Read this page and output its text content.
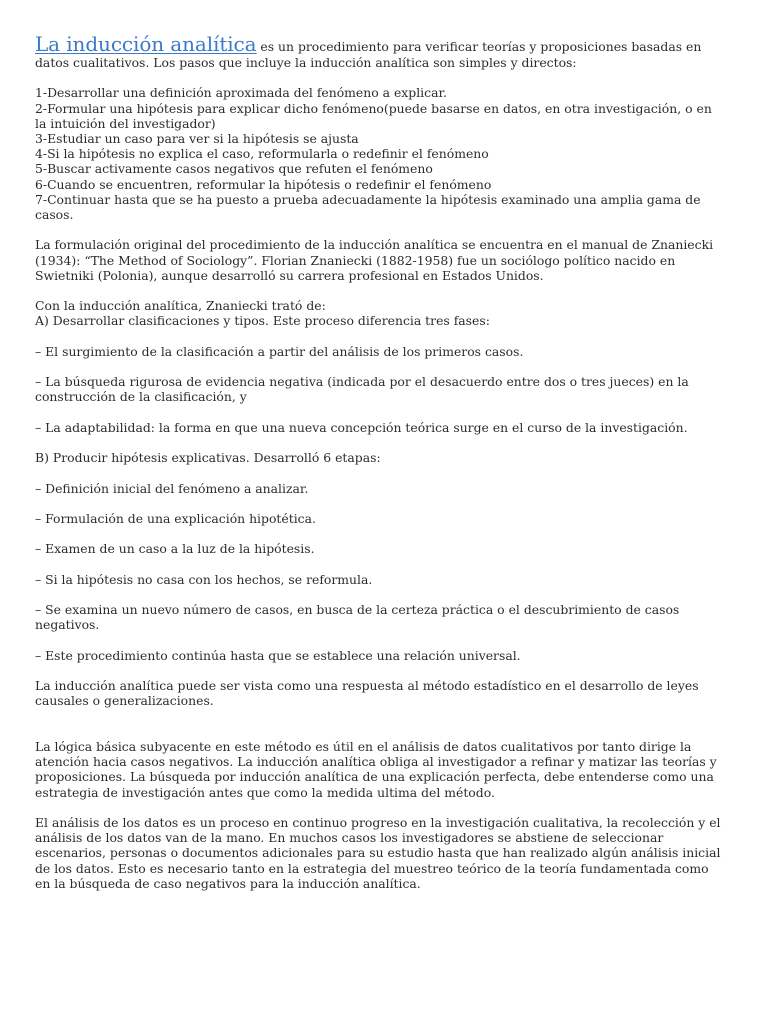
La inducción analítica es un procedimiento para verificar teorías y proposiciones basadas en datos cualitativos. Los pasos que incluye la inducción analítica son simples y directos:

1-Desarrollar una definición aproximada del fenómeno a explicar.
2-Formular una hipótesis para explicar dicho fenómeno(puede basarse en datos, en otra investigación, o en la intuición del investigador)
3-Estudiar un caso para ver si la hipótesis se ajusta
4-Si la hipótesis no explica el caso, reformularla o redefinir el fenómeno
5-Buscar activamente casos negativos que refuten el fenómeno
6-Cuando se encuentren, reformular la hipótesis o redefinir el fenómeno
7-Continuar hasta que se ha puesto a prueba adecuadamente la hipótesis examinado una amplia gama de casos.

La formulación original del procedimiento de la inducción analítica se encuentra en el manual de Znaniecki (1934): “The Method of Sociology”. Florian Znaniecki (1882-1958) fue un sociólogo político nacido en Swietniki (Polonia), aunque desarrolló su carrera profesional en Estados Unidos.

Con la inducción analítica, Znaniecki trató de:

A) Desarrollar clasificaciones y tipos. Este proceso diferencia tres fases:

– El surgimiento de la clasificación a partir del análisis de los primeros casos.

– La búsqueda rigurosa de evidencia negativa (indicada por el desacuerdo entre dos o tres jueces) en la construcción de la clasificación, y

– La adaptabilidad: la forma en que una nueva concepción teórica surge en el curso de la investigación.

B) Producir hipótesis explicativas. Desarrolló 6 etapas:

– Definición inicial del fenómeno a analizar.

– Formulación de una explicación hipotética.

– Examen de un caso a la luz de la hipótesis.

– Si la hipótesis no casa con los hechos, se reformula.

– Se examina un nuevo número de casos, en busca de la certeza práctica o el descubrimiento de casos negativos.

– Este procedimiento continúa hasta que se establece una relación universal.

La inducción analítica puede ser vista como una respuesta al método estadístico en el desarrollo de leyes causales o generalizaciones.

La lógica básica subyacente en este método es útil en el análisis de datos cualitativos por tanto dirige la atención hacia casos negativos. La inducción analítica obliga al investigador a refinar y matizar las teorías y proposiciones. La búsqueda por inducción analítica de una explicación perfecta, debe entenderse como una estrategia de investigación antes que como la medida ultima del método.

El análisis de los datos es un proceso en continuo progreso en la investigación cualitativa, la recolección y el análisis de los datos van de la mano. En muchos casos los investigadores se abstiene de seleccionar escenarios, personas o documentos adicionales para su estudio hasta que han realizado algún análisis inicial de los datos. Esto es necesario tanto en la estrategia del muestreo teórico de la teoría fundamentada como en la búsqueda de caso negativos para la inducción analítica.
